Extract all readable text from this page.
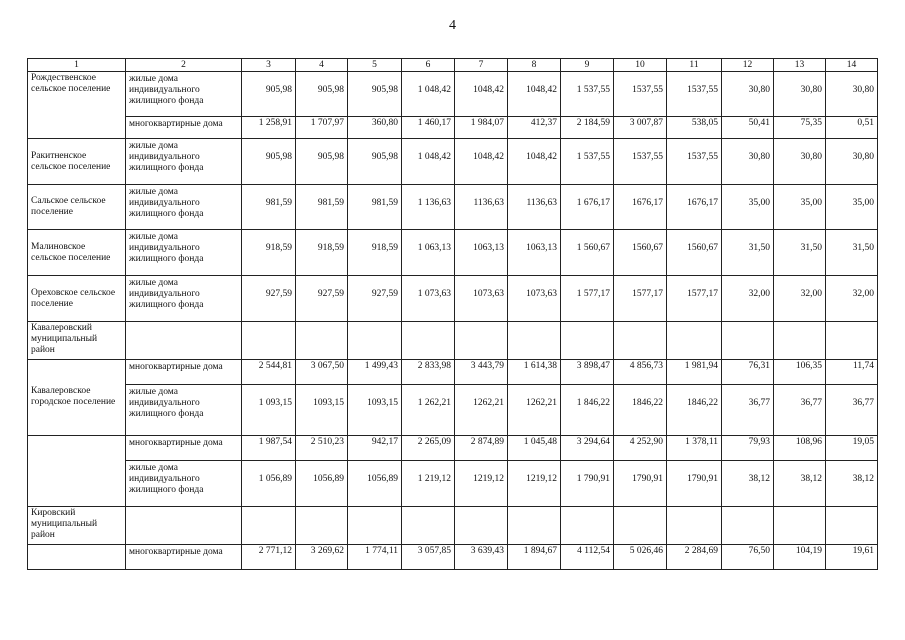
4
1	2	3	4	5	6	7	8	9	10	11	12	13	14
Рождественское сельское поселение	жилые дома индивидуального жилищного фонда	905,98	905,98	905,98	1 048,42	1048,42	1048,42	1 537,55	1537,55	1537,55	30,80	30,80	30,80
	многоквартирные дома	1 258,91	1 707,97	360,80	1 460,17	1 984,07	412,37	2 184,59	3 007,87	538,05	50,41	75,35	0,51
Ракитненское сельское поселение	жилые дома индивидуального жилищного фонда	905,98	905,98	905,98	1 048,42	1048,42	1048,42	1 537,55	1537,55	1537,55	30,80	30,80	30,80
Сальское сельское поселение	жилые дома индивидуального жилищного фонда	981,59	981,59	981,59	1 136,63	1136,63	1136,63	1 676,17	1676,17	1676,17	35,00	35,00	35,00
Малиновское сельское поселение	жилые дома индивидуального жилищного фонда	918,59	918,59	918,59	1 063,13	1063,13	1063,13	1 560,67	1560,67	1560,67	31,50	31,50	31,50
Ореховское сельское поселение	жилые дома индивидуального жилищного фонда	927,59	927,59	927,59	1 073,63	1073,63	1073,63	1 577,17	1577,17	1577,17	32,00	32,00	32,00
Кавалеровский муниципальный район													
Кавалеровское городское поселение	многоквартирные дома	2 544,81	3 067,50	1 499,43	2 833,98	3 443,79	1 614,38	3 898,47	4 856,73	1 981,94	76,31	106,35	11,74
	жилые дома индивидуального жилищного фонда	1 093,15	1093,15	1093,15	1 262,21	1262,21	1262,21	1 846,22	1846,22	1846,22	36,77	36,77	36,77
	многоквартирные дома	1 987,54	2 510,23	942,17	2 265,09	2 874,89	1 045,48	3 294,64	4 252,90	1 378,11	79,93	108,96	19,05
	жилые дома индивидуального жилищного фонда	1 056,89	1056,89	1056,89	1 219,12	1219,12	1219,12	1 790,91	1790,91	1790,91	38,12	38,12	38,12
Кировский муниципальный район													
	многоквартирные дома	2 771,12	3 269,62	1 774,11	3 057,85	3 639,43	1 894,67	4 112,54	5 026,46	2 284,69	76,50	104,19	19,61
